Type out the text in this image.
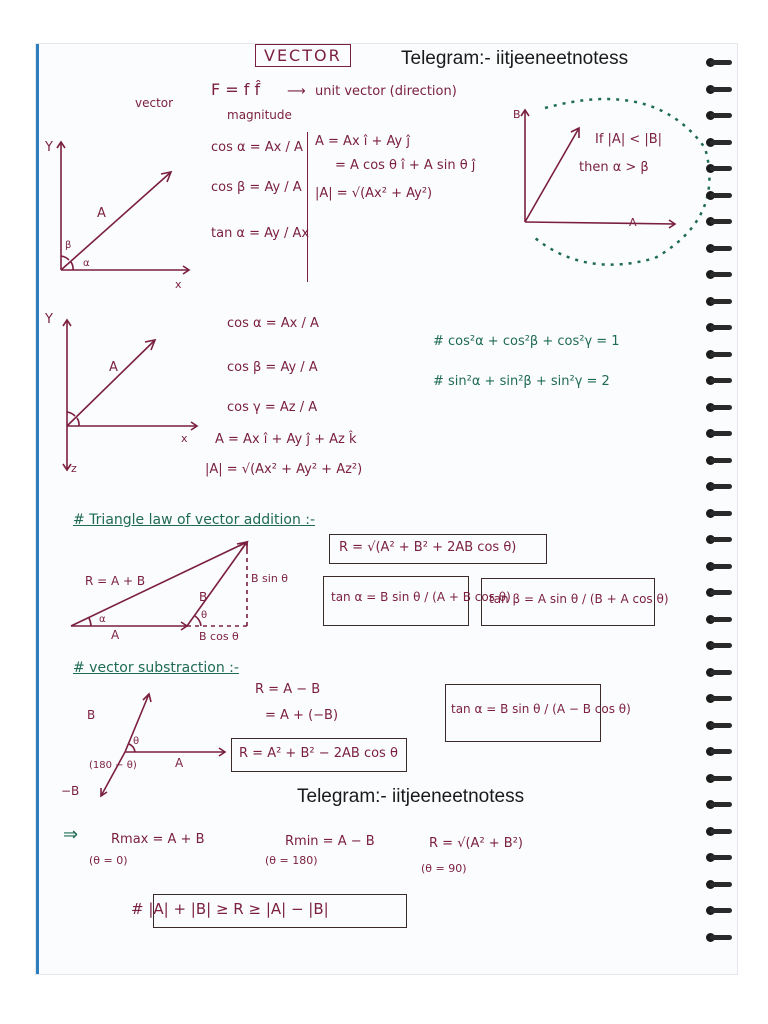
Telegram:- iitjeeneetnotess
VECTOR
F = f f̂ ⟶ unit vector (direction)
vector
magnitude
Y
x
A
β
α
cos α = Ax / A
cos β = Ay / A
tan α = Ay / Ax
A = Ax î + Ay ĵ
= A cos θ î + A sin θ ĵ
|A| = √(Ax² + Ay²)
B
A
If |A| < |B|
then α > β
Y
x
z
A
cos α = Ax / A
cos β = Ay / A
cos γ = Az / A
A = Ax î + Ay ĵ + Az k̂
|A| = √(Ax² + Ay² + Az²)
# cos²α + cos²β + cos²γ = 1
# sin²α + sin²β + sin²γ = 2
# Triangle law of vector addition :-
R = √(A² + B² + 2AB cos θ)
tan α = B sin θ / (A + B cos θ)
tan β = A sin θ / (B + A cos θ)
R = A + B
A
B
B sin θ
B cos θ
θ
α
# vector substraction :-
R = A − B
= A + (−B)
R = A² + B² − 2AB cos θ
tan α = B sin θ / (A − B cos θ)
B
A
−B
θ
(180 − θ)
Telegram:- iitjeeneetnotess
⇒	Rmax = A + B
(θ = 0)
Rmin = A − B
(θ = 180)
R = √(A² + B²)
(θ = 90)
# |A| + |B| ≥ R ≥ |A| − |B|
